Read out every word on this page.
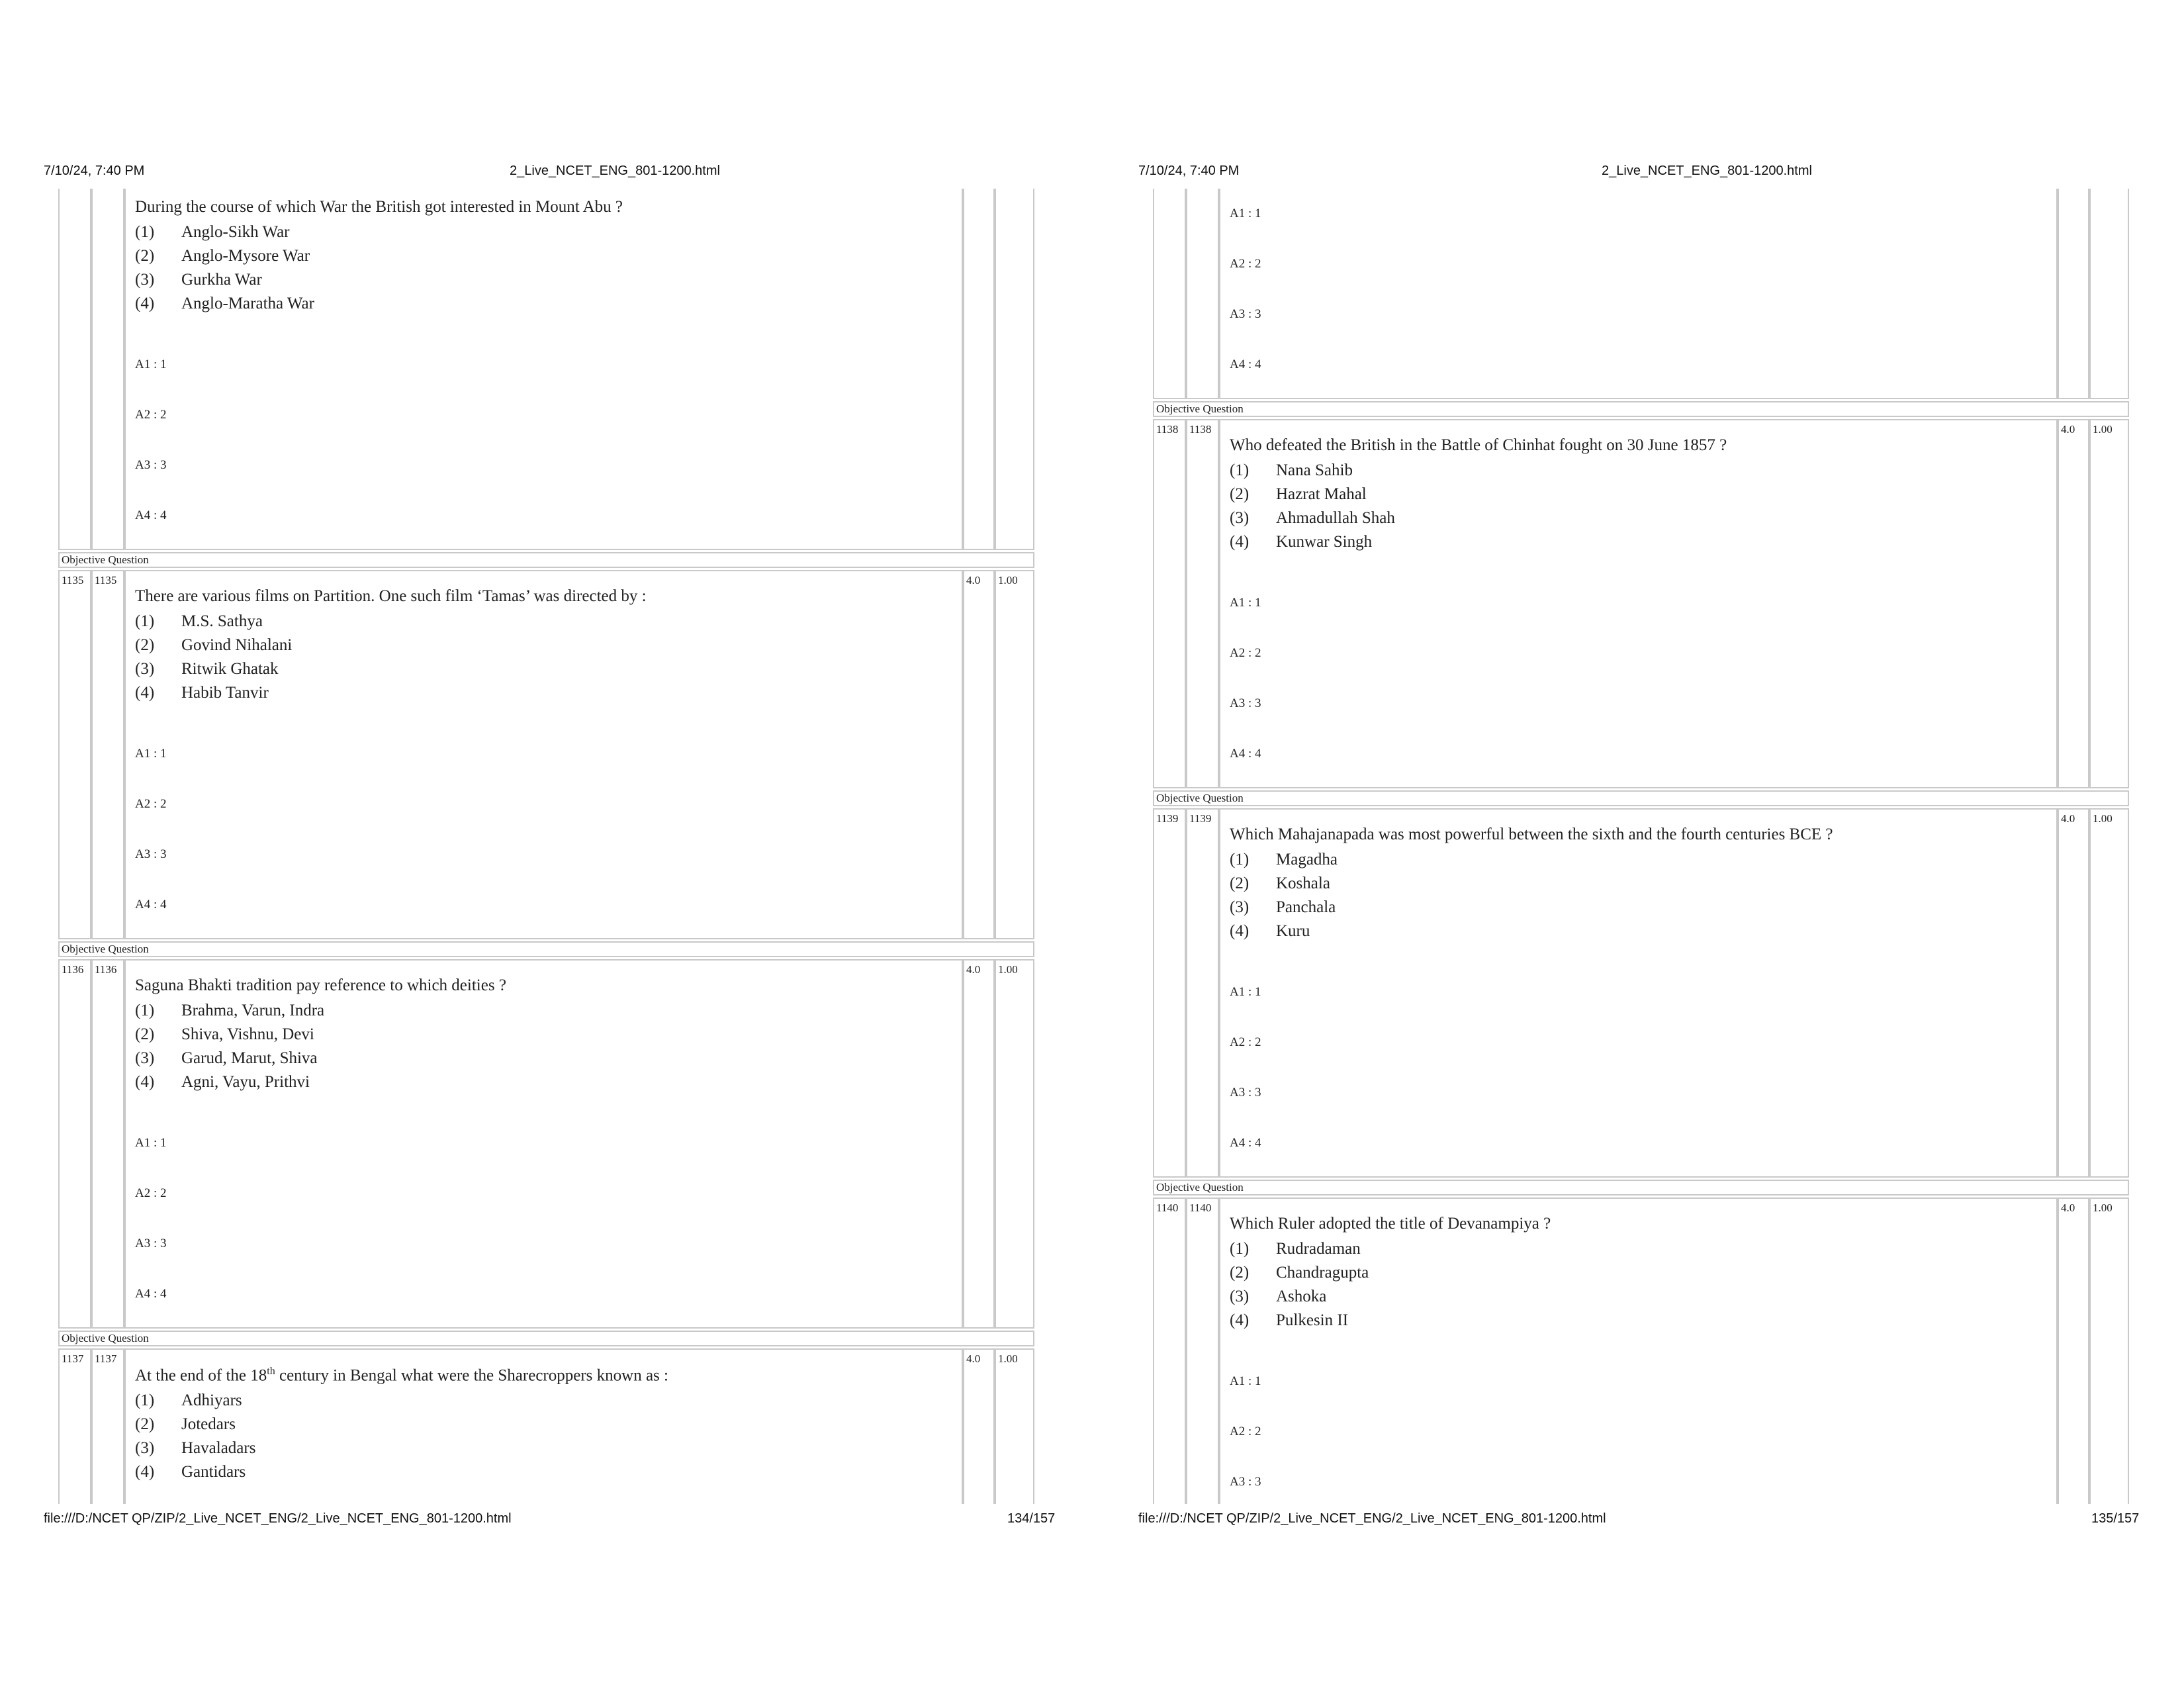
7/10/24, 7:40 PM	2_Live_NCET_ENG_801-1200.html
During the course of which War the British got interested in Mount Abu ?
(1)	Anglo-Sikh War
(2)	Anglo-Mysore War
(3)	Gurkha War
(4)	Anglo-Maratha War
A1 : 1
A2 : 2
A3 : 3
A4 : 4
Objective Question
1135 1135
There are various films on Partition. One such film ‘Tamas’ was directed by :
(1)	M.S. Sathya
(2)	Govind Nihalani
(3)	Ritwik Ghatak
(4)	Habib Tanvir
A1 : 1
A2 : 2
A3 : 3
A4 : 4
4.0	1.00
Objective Question
1136 1136
Saguna Bhakti tradition pay reference to which deities ?
(1)	Brahma, Varun, Indra
(2)	Shiva, Vishnu, Devi
(3)	Garud, Marut, Shiva
(4)	Agni, Vayu, Prithvi
A1 : 1
A2 : 2
A3 : 3
A4 : 4
4.0	1.00
Objective Question
1137 1137
At the end of the 18th century in Bengal what were the Sharecroppers known as :
(1)	Adhiyars
(2)	Jotedars
(3)	Havaladars
(4)	Gantidars
4.0	1.00
file:///D:/NCET QP/ZIP/2_Live_NCET_ENG/2_Live_NCET_ENG_801-1200.html	134/157
7/10/24, 7:40 PM	2_Live_NCET_ENG_801-1200.html
A1 : 1
A2 : 2
A3 : 3
A4 : 4
Objective Question
1138 1138
Who defeated the British in the Battle of Chinhat fought on 30 June 1857 ?
(1)	Nana Sahib
(2)	Hazrat Mahal
(3)	Ahmadullah Shah
(4)	Kunwar Singh
A1 : 1
A2 : 2
A3 : 3
A4 : 4
4.0	1.00
Objective Question
1139 1139
Which Mahajanapada was most powerful between the sixth and the fourth centuries BCE ?
(1)	Magadha
(2)	Koshala
(3)	Panchala
(4)	Kuru
A1 : 1
A2 : 2
A3 : 3
A4 : 4
4.0	1.00
Objective Question
1140 1140
Which Ruler adopted the title of Devanampiya ?
(1)	Rudradaman
(2)	Chandragupta
(3)	Ashoka
(4)	Pulkesin II
A1 : 1
A2 : 2
A3 : 3
4.0	1.00
file:///D:/NCET QP/ZIP/2_Live_NCET_ENG/2_Live_NCET_ENG_801-1200.html	135/157
